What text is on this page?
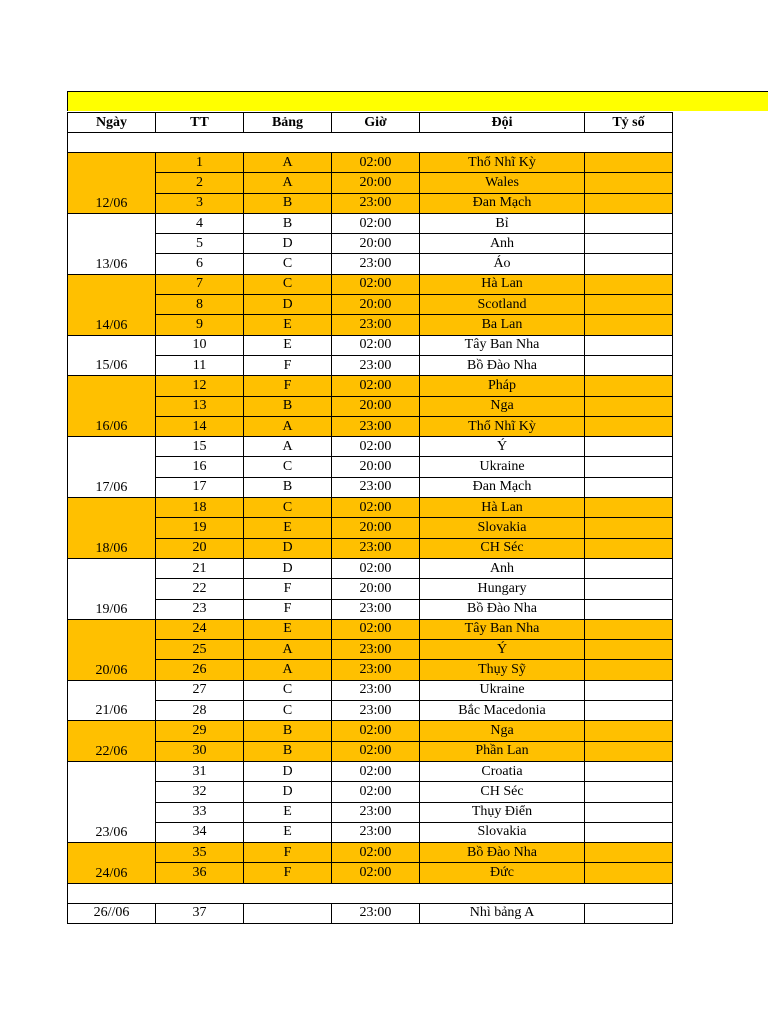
Ngày	TT	Bảng	Giờ	Đội	Tỷ số

12/06	1	A	02:00	Thổ Nhĩ Kỳ	
	2	A	20:00	Wales	
	3	B	23:00	Đan Mạch	
13/06	4	B	02:00	Bỉ	
	5	D	20:00	Anh	
	6	C	23:00	Áo	
14/06	7	C	02:00	Hà Lan	
	8	D	20:00	Scotland	
	9	E	23:00	Ba Lan	
15/06	10	E	02:00	Tây Ban Nha	
	11	F	23:00	Bồ Đào Nha	
16/06	12	F	02:00	Pháp	
	13	B	20:00	Nga	
	14	A	23:00	Thổ Nhĩ Kỳ	
17/06	15	A	02:00	Ý	
	16	C	20:00	Ukraine	
	17	B	23:00	Đan Mạch	
18/06	18	C	02:00	Hà Lan	
	19	E	20:00	Slovakia	
	20	D	23:00	CH Séc	
19/06	21	D	02:00	Anh	
	22	F	20:00	Hungary	
	23	F	23:00	Bồ Đào Nha	
20/06	24	E	02:00	Tây Ban Nha	
	25	A	23:00	Ý	
	26	A	23:00	Thụy Sỹ	
21/06	27	C	23:00	Ukraine	
	28	C	23:00	Bắc Macedonia	
22/06	29	B	02:00	Nga	
	30	B	02:00	Phần Lan	
23/06	31	D	02:00	Croatia	
	32	D	02:00	CH Séc	
	33	E	23:00	Thụy Điển	
	34	E	23:00	Slovakia	
24/06	35	F	02:00	Bồ Đào Nha	
	36	F	02:00	Đức	

26//06	37		23:00	Nhì bảng A	
